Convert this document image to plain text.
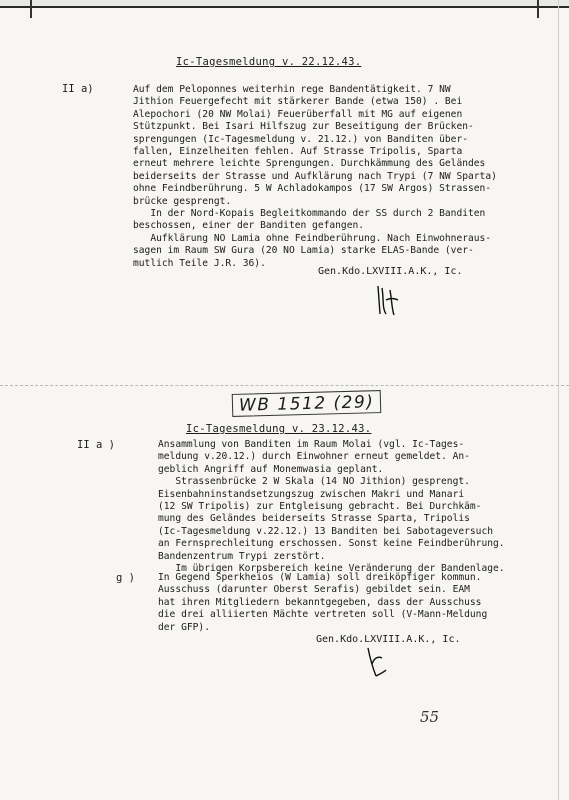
Ic-Tagesmeldung v. 22.12.43.
II a)	Auf dem Peloponnes weiterhin rege Bandentätigkeit. 7 NW
Jithion Feuergefecht mit stärkerer Bande (etwa 150) . Bei
Alepochori (20 NW Molai) Feuerüberfall mit MG auf eigenen
Stützpunkt. Bei Isari Hilfszug zur Beseitigung der Brücken-
sprengungen (Ic-Tagesmeldung v. 21.12.) von Banditen über-
fallen, Einzelheiten fehlen. Auf Strasse Tripolis, Sparta
erneut mehrere leichte Sprengungen. Durchkämmung des Geländes
beiderseits der Strasse und Aufklärung nach Trypi (7 NW Sparta)
ohne Feindberührung. 5 W Achladokampos (17 SW Argos) Strassen-
brücke gesprengt.
In der Nord-Kopais Begleitkommando der SS durch 2 Banditen
beschossen, einer der Banditen gefangen.
Aufklärung NO Lamia ohne Feindberührung. Nach Einwohneraus-
sagen im Raum SW Gura (20 NO Lamia) starke ELAS-Bande (ver-
mutlich Teile J.R. 36).
Gen.Kdo.LXVIII.A.K., Ic.
WB 1512 (29)
Ic-Tagesmeldung v. 23.12.43.
II a )	Ansammlung von Banditen im Raum Molai (vgl. Ic-Tages-
meldung v.20.12.) durch Einwohner erneut gemeldet. An-
geblich Angriff auf Monemwasia geplant.
Strassenbrücke 2 W Skala (14 NO Jithion) gesprengt.
Eisenbahninstandsetzungszug zwischen Makri und Manari
(12 SW Tripolis) zur Entgleisung gebracht. Bei Durchkäm-
mung des Geländes beiderseits Strasse Sparta, Tripolis
(Ic-Tagesmeldung v.22.12.) 13 Banditen bei Sabotageversuch
an Fernsprechleitung erschossen. Sonst keine Feindberührung.
Bandenzentrum Trypi zerstört.
Im übrigen Korpsbereich keine Veränderung der Bandenlage.
g ) In Gegend Sperkheios (W Lamia) soll dreiköpfiger kommun.
Ausschuss (darunter Oberst Serafis) gebildet sein. EAM
hat ihren Mitgliedern bekanntgegeben, dass der Ausschuss
die drei alliierten Mächte vertreten soll (V-Mann-Meldung
der GFP).
Gen.Kdo.LXVIII.A.K., Ic.
55
